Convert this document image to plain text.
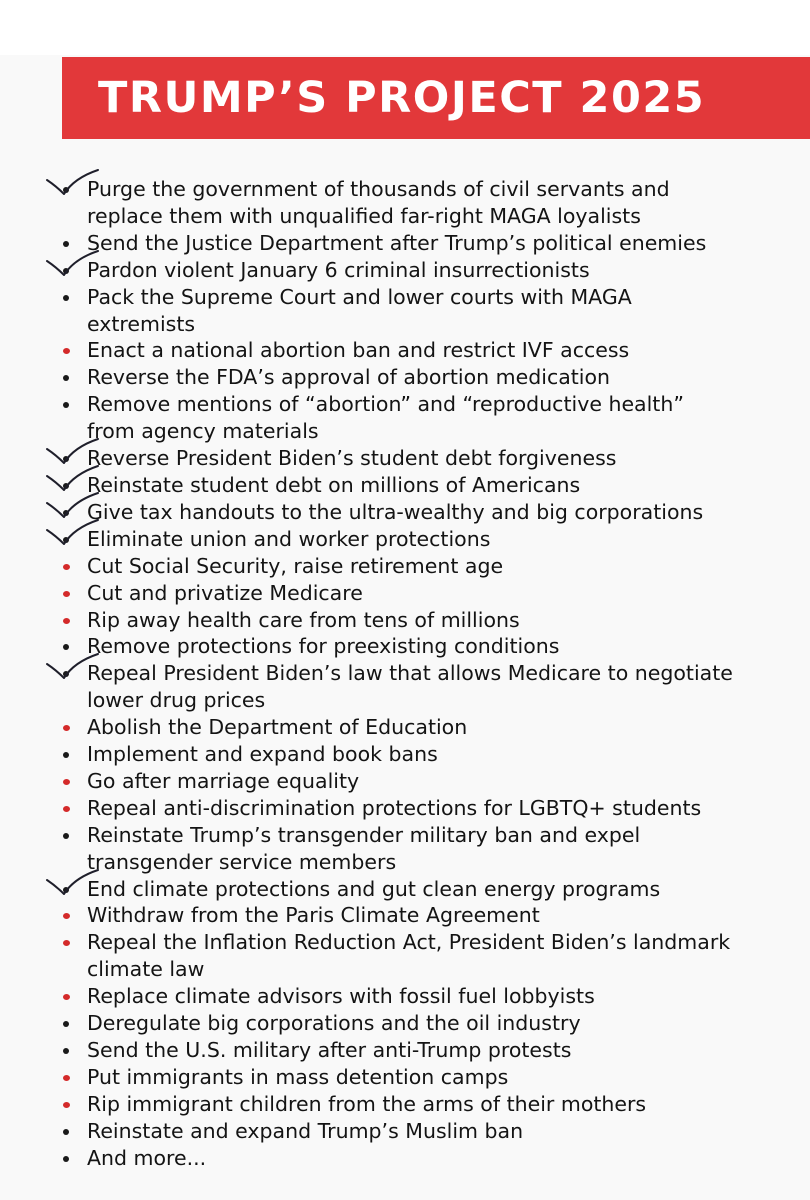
TRUMP’S PROJECT 2025
Purge the government of thousands of civil servants and
replace them with unqualified far-right MAGA loyalists
Send the Justice Department after Trump’s political enemies
Pardon violent January 6 criminal insurrectionists
Pack the Supreme Court and lower courts with MAGA
extremists
Enact a national abortion ban and restrict IVF access
Reverse the FDA’s approval of abortion medication
Remove mentions of “abortion” and “reproductive health”
from agency materials
Reverse President Biden’s student debt forgiveness
Reinstate student debt on millions of Americans
Give tax handouts to the ultra-wealthy and big corporations
Eliminate union and worker protections
Cut Social Security, raise retirement age
Cut and privatize Medicare
Rip away health care from tens of millions
Remove protections for preexisting conditions
Repeal President Biden’s law that allows Medicare to negotiate
lower drug prices
Abolish the Department of Education
Implement and expand book bans
Go after marriage equality
Repeal anti-discrimination protections for LGBTQ+ students
Reinstate Trump’s transgender military ban and expel
transgender service members
End climate protections and gut clean energy programs
Withdraw from the Paris Climate Agreement
Repeal the Inflation Reduction Act, President Biden’s landmark
climate law
Replace climate advisors with fossil fuel lobbyists
Deregulate big corporations and the oil industry
Send the U.S. military after anti-Trump protests
Put immigrants in mass detention camps
Rip immigrant children from the arms of their mothers
Reinstate and expand Trump’s Muslim ban
And more...
